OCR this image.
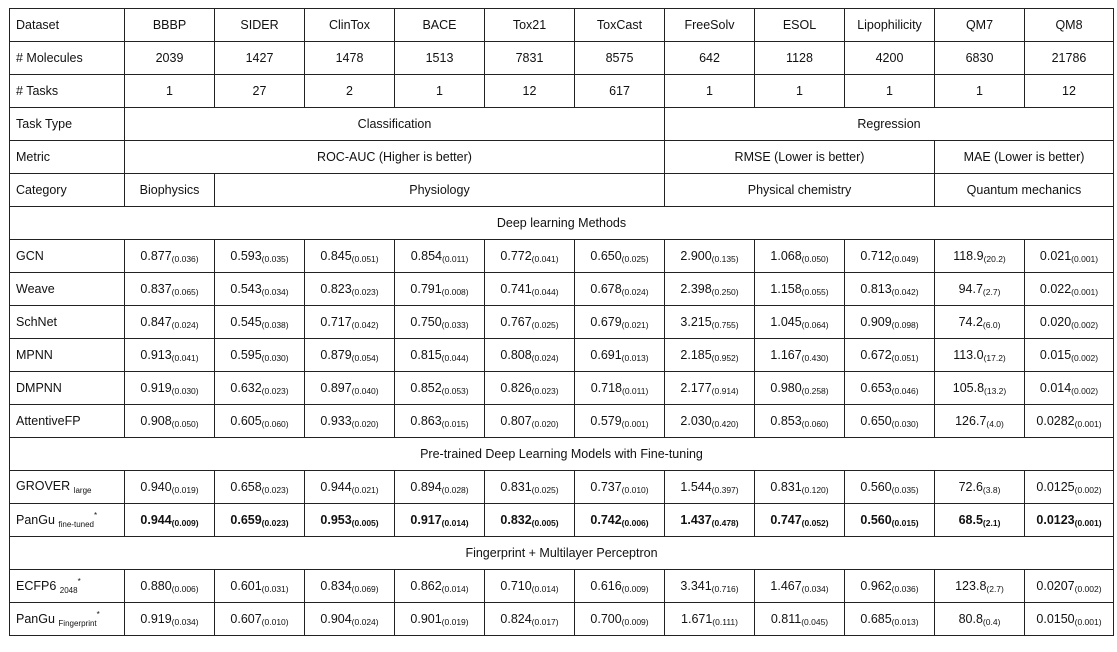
Dataset	BBBP	SIDER	ClinTox	BACE	Tox21	ToxCast	FreeSolv	ESOL	Lipophilicity	QM7	QM8
# Molecules	2039	1427	1478	1513	7831	8575	642	1128	4200	6830	21786
# Tasks	1	27	2	1	12	617	1	1	1	1	12
Task Type	Classification						Regression				
Metric	ROC-AUC (Higher is better)						RMSE (Lower is better)			MAE (Lower is better)	
Category	Biophysics	Physiology					Physical chemistry			Quantum mechanics	
Deep learning Methods											
GCN	0.877(0.036)	0.593(0.035)	0.845(0.051)	0.854(0.011)	0.772(0.041)	0.650(0.025)	2.900(0.135)	1.068(0.050)	0.712(0.049)	118.9(20.2)	0.021(0.001)
Weave	0.837(0.065)	0.543(0.034)	0.823(0.023)	0.791(0.008)	0.741(0.044)	0.678(0.024)	2.398(0.250)	1.158(0.055)	0.813(0.042)	94.7(2.7)	0.022(0.001)
SchNet	0.847(0.024)	0.545(0.038)	0.717(0.042)	0.750(0.033)	0.767(0.025)	0.679(0.021)	3.215(0.755)	1.045(0.064)	0.909(0.098)	74.2(6.0)	0.020(0.002)
MPNN	0.913(0.041)	0.595(0.030)	0.879(0.054)	0.815(0.044)	0.808(0.024)	0.691(0.013)	2.185(0.952)	1.167(0.430)	0.672(0.051)	113.0(17.2)	0.015(0.002)
DMPNN	0.919(0.030)	0.632(0.023)	0.897(0.040)	0.852(0.053)	0.826(0.023)	0.718(0.011)	2.177(0.914)	0.980(0.258)	0.653(0.046)	105.8(13.2)	0.014(0.002)
AttentiveFP	0.908(0.050)	0.605(0.060)	0.933(0.020)	0.863(0.015)	0.807(0.020)	0.579(0.001)	2.030(0.420)	0.853(0.060)	0.650(0.030)	126.7(4.0)	0.0282(0.001)
Pre-trained Deep Learning Models with Fine-tuning											
GROVER $_{large}$	0.940(0.019)	0.658(0.023)	0.944(0.021)	0.894(0.028)	0.831(0.025)	0.737(0.010)	1.544(0.397)	0.831(0.120)	0.560(0.035)	72.6(3.8)	0.0125(0.002)
PanGu $_{fine-tuned}$*	0.944(0.009)	0.659(0.023)	0.953(0.005)	0.917(0.014)	0.832(0.005)	0.742(0.006)	1.437(0.478)	0.747(0.052)	0.560(0.015)	68.5(2.1)	0.0123(0.001)
Fingerprint + Multilayer Perceptron											
ECFP6 $_{2048}$*	0.880(0.006)	0.601(0.031)	0.834(0.069)	0.862(0.014)	0.710(0.014)	0.616(0.009)	3.341(0.716)	1.467(0.034)	0.962(0.036)	123.8(2.7)	0.0207(0.002)
PanGu $_{Fingerprint}$*	0.919(0.034)	0.607(0.010)	0.904(0.024)	0.901(0.019)	0.824(0.017)	0.700(0.009)	1.671(0.111)	0.811(0.045)	0.685(0.013)	80.8(0.4)	0.0150(0.001)
